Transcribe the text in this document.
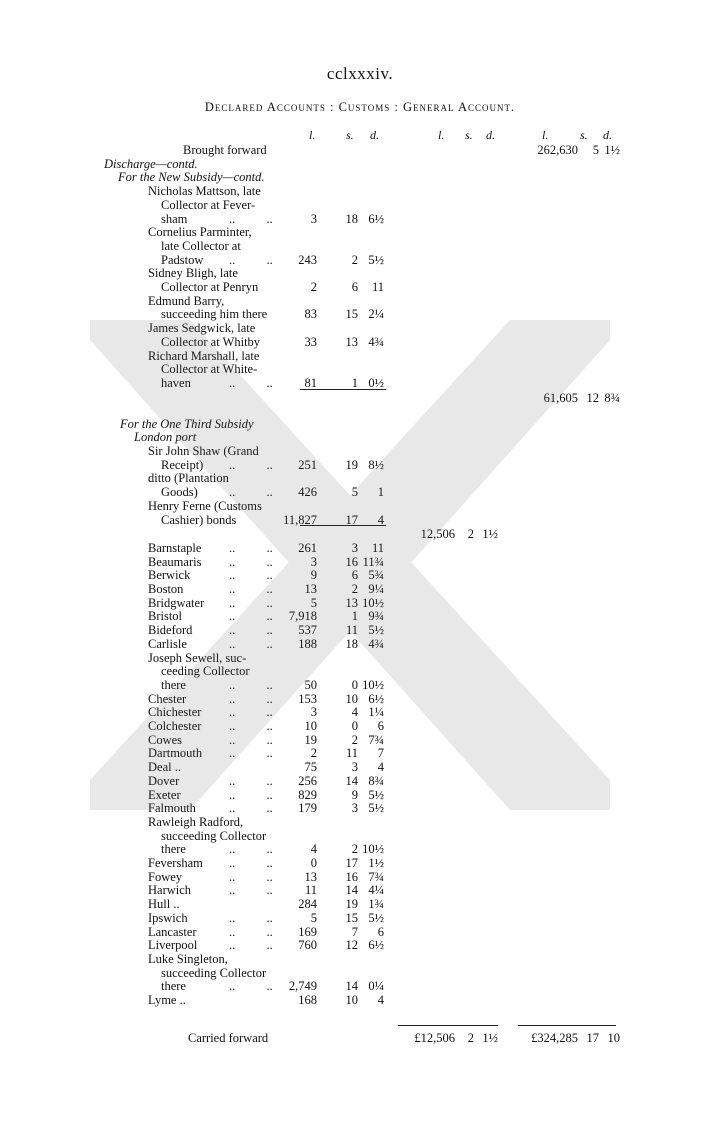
cclxxxiv.
Declared Accounts : Customs : General Account.
l.	s. d.	l. s. d.	l.	s. d.
Brought forward	262,630 5 1½
Discharge—contd.
For the New Subsidy—contd.
Nicholas Mattson, late
Collector at Fever-
sham	..          ..	3 18 6½
Cornelius Parminter,
late Collector at
Padstow ..          ..	243	2 5½
Sidney Bligh, late
Collector at Penryn	2	6 11
Edmund Barry,
succeeding him there	83 15 2¼
James Sedgwick, late
Collector at Whitby	33 13 4¾
Richard Marshall, late
Collector at White-
haven	..          ..	81	1 0½
61,605 12 8¾
For the One Third Subsidy
London port
Sir John Shaw (Grand
Receipt) ..          ..	251 19 8½
ditto (Plantation
Goods) ..          ..	426	5 1
Henry Ferne (Customs
Cashier) bonds	11,827 17 4
12,506 2 1½
Barnstaple ..          ..	261	3 11
Beaumaris ..          ..	3 16 11¾
Berwick	..          ..	9	6 5¾
Boston	..          ..	13	2 9¼
Bridgwater ..          ..	5 13 10½
Bristol	..          ..	7,918	1 9¾
Bideford	..          ..	537 11 5½
Carlisle	..          ..	188 18 4¾
Joseph Sewell, suc-
ceeding Collector
there	..          ..	50	0 10½
Chester	..          ..	153 10 6½
Chichester ..          ..	3	4 1¼
Colchester ..          ..	10	0 6
Cowes	..          ..	19	2 7¾
Dartmouth ..          ..	2 11 7
Deal ..	75	3 4
Dover	..          ..	256 14 8¾
Exeter	..          ..	829	9 5½
Falmouth	..          ..	179	3 5½
Rawleigh Radford,
succeeding Collector
there	..          ..	4	2 10½
Feversham ..          ..	0 17 1½
Fowey	..          ..	13 16 7¾
Harwich	..          ..	11 14 4¼
Hull ..	284 19 1¾
Ipswich	..          ..	5 15 5½
Lancaster	..          ..	169	7 6
Liverpool	..          ..	760 12 6½
Luke Singleton,
succeeding Collector
there	..          ..	2,749 14 0¼
Lyme ..	168 10 4
Carried forward	£12,506 2 1½	£324,285 17 10
